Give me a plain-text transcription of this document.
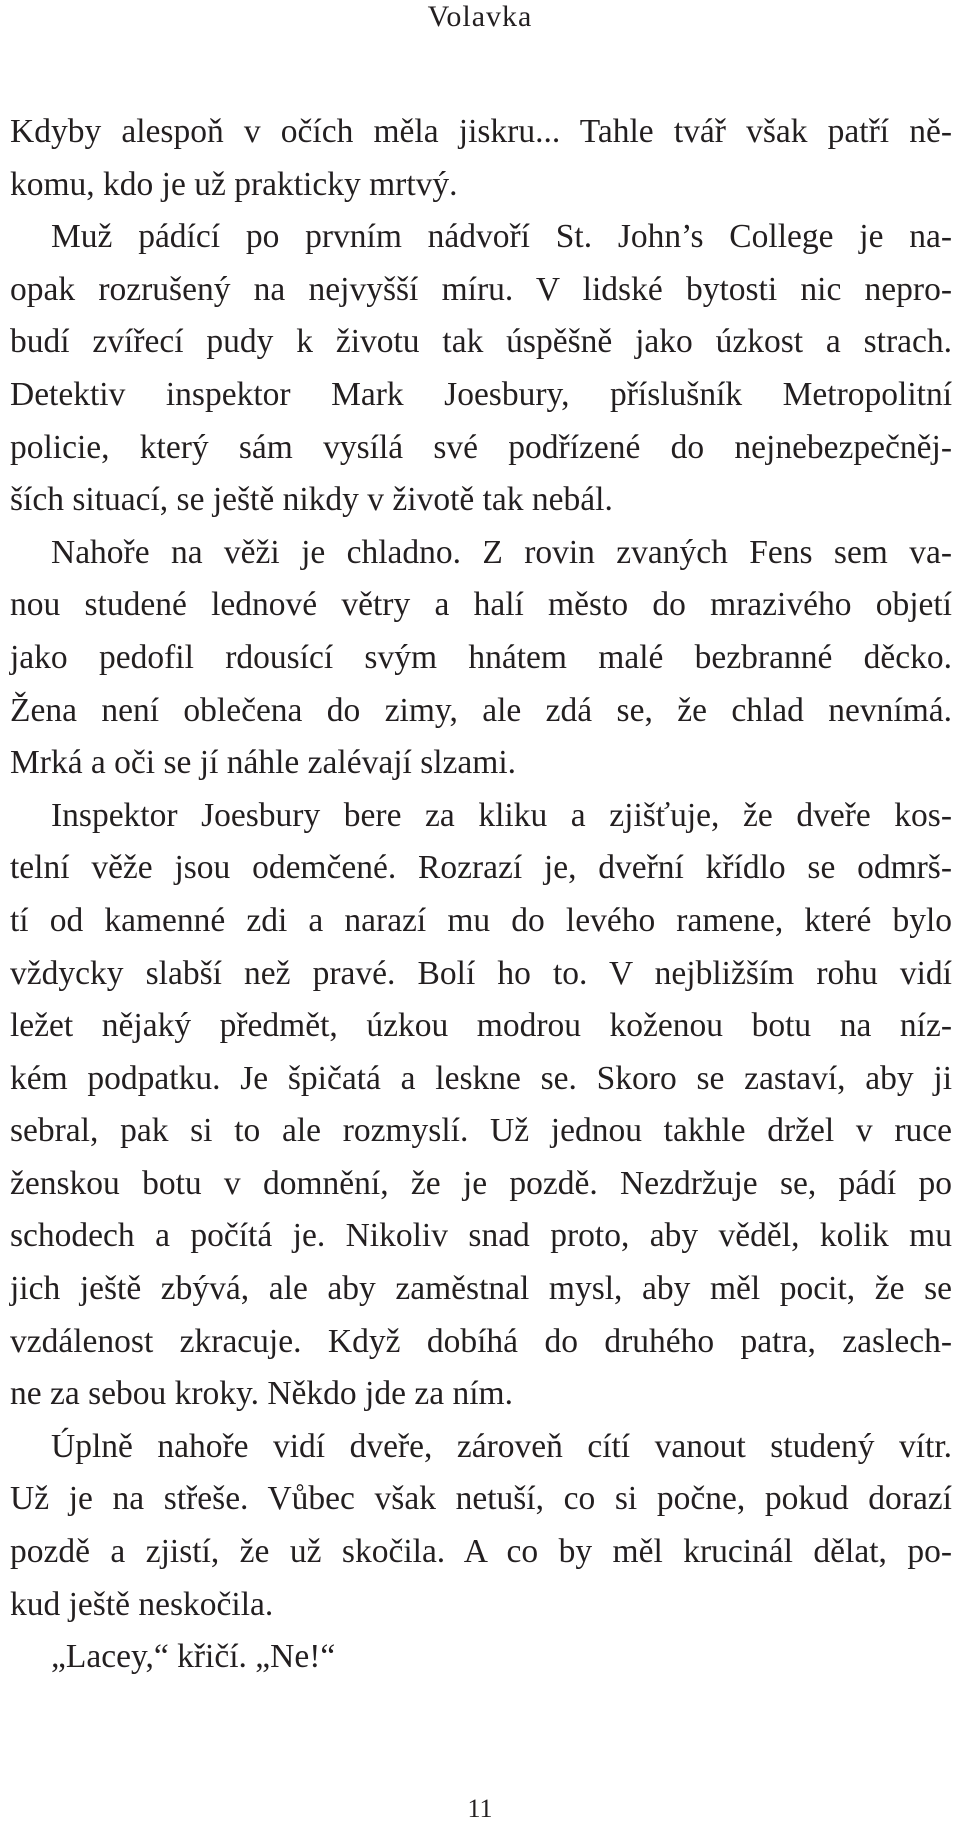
Volavka
Kdyby alespoň v očích měla jiskru... Tahle tvář však patří ně-
komu, kdo je už prakticky mrtvý.
Muž pádící po prvním nádvoří St. John’s College je na-
opak rozrušený na nejvyšší míru. V lidské bytosti nic nepro-
budí zvířecí pudy k životu tak úspěšně jako úzkost a strach.
Detektiv inspektor Mark Joesbury, příslušník Metropolitní
policie, který sám vysílá své podřízené do nejnebezpečněj-
ších situací, se ještě nikdy v životě tak nebál.
Nahoře na věži je chladno. Z rovin zvaných Fens sem va-
nou studené lednové větry a halí město do mrazivého objetí
jako pedofil rdousící svým hnátem malé bezbranné děcko.
Žena není oblečena do zimy, ale zdá se, že chlad nevnímá.
Mrká a oči se jí náhle zalévají slzami.
Inspektor Joesbury bere za kliku a zjišťuje, že dveře kos-
telní věže jsou odemčené. Rozrazí je, dveřní křídlo se odmrš-
tí od kamenné zdi a narazí mu do levého ramene, které bylo
vždycky slabší než pravé. Bolí ho to. V nejbližším rohu vidí
ležet nějaký předmět, úzkou modrou koženou botu na níz-
kém podpatku. Je špičatá a leskne se. Skoro se zastaví, aby ji
sebral, pak si to ale rozmyslí. Už jednou takhle držel v ruce
ženskou botu v domnění, že je pozdě. Nezdržuje se, pádí po
schodech a počítá je. Nikoliv snad proto, aby věděl, kolik mu
jich ještě zbývá, ale aby zaměstnal mysl, aby měl pocit, že se
vzdálenost zkracuje. Když dobíhá do druhého patra, zaslech-
ne za sebou kroky. Někdo jde za ním.
Úplně nahoře vidí dveře, zároveň cítí vanout studený vítr.
Už je na střeše. Vůbec však netuší, co si počne, pokud dorazí
pozdě a zjistí, že už skočila. A co by měl krucinál dělat, po-
kud ještě neskočila.
„Lacey,“ křičí. „Ne!“
11
